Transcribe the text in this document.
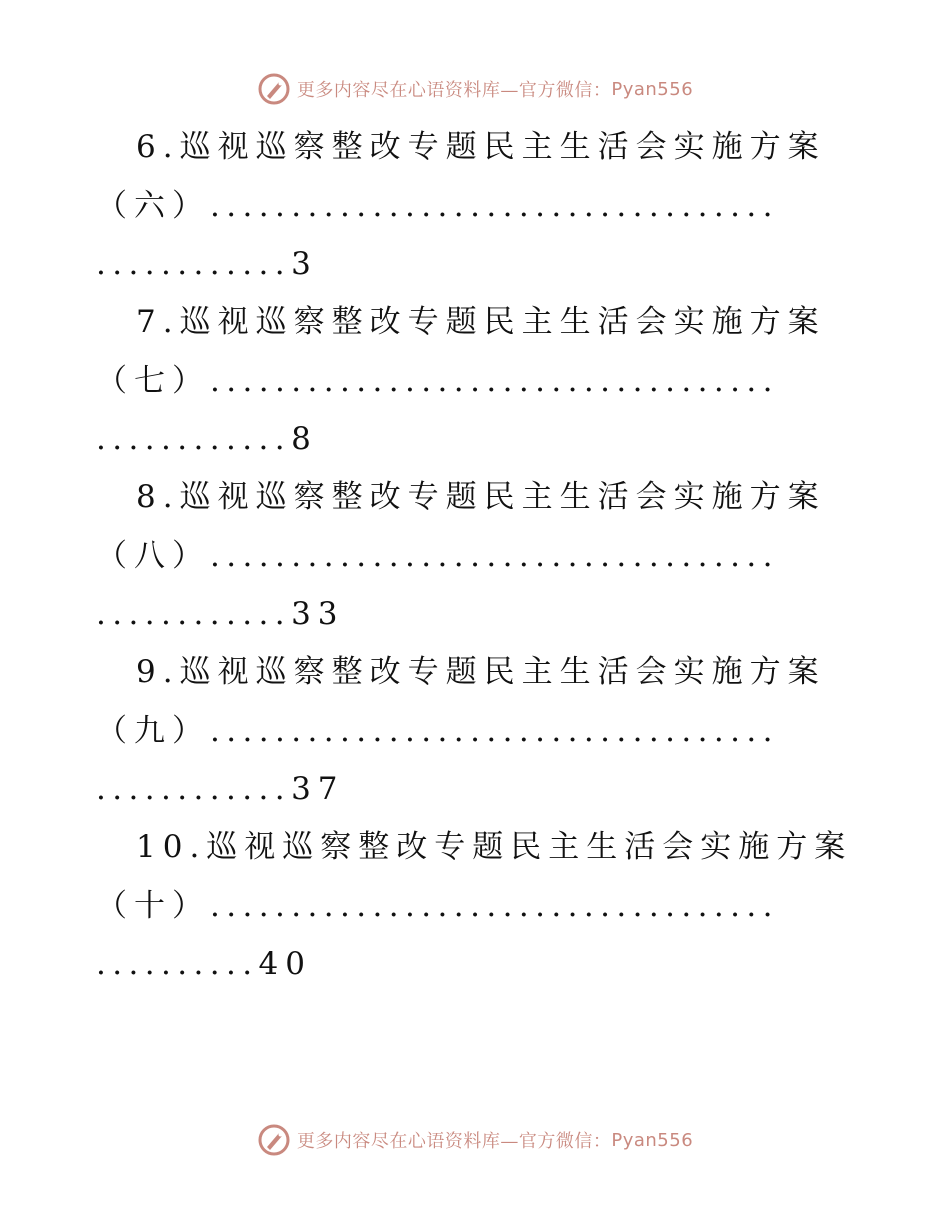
更多内容尽在心语资料库—官方微信： Pyan556
6.巡视巡察整改专题民主生活会实施方案
（六）...................................
............3
7.巡视巡察整改专题民主生活会实施方案
（七）...................................
............8
8.巡视巡察整改专题民主生活会实施方案
（八）...................................
............33
9.巡视巡察整改专题民主生活会实施方案
（九）...................................
............37
10.巡视巡察整改专题民主生活会实施方案
（十）...................................
..........40
更多内容尽在心语资料库—官方微信： Pyan556
